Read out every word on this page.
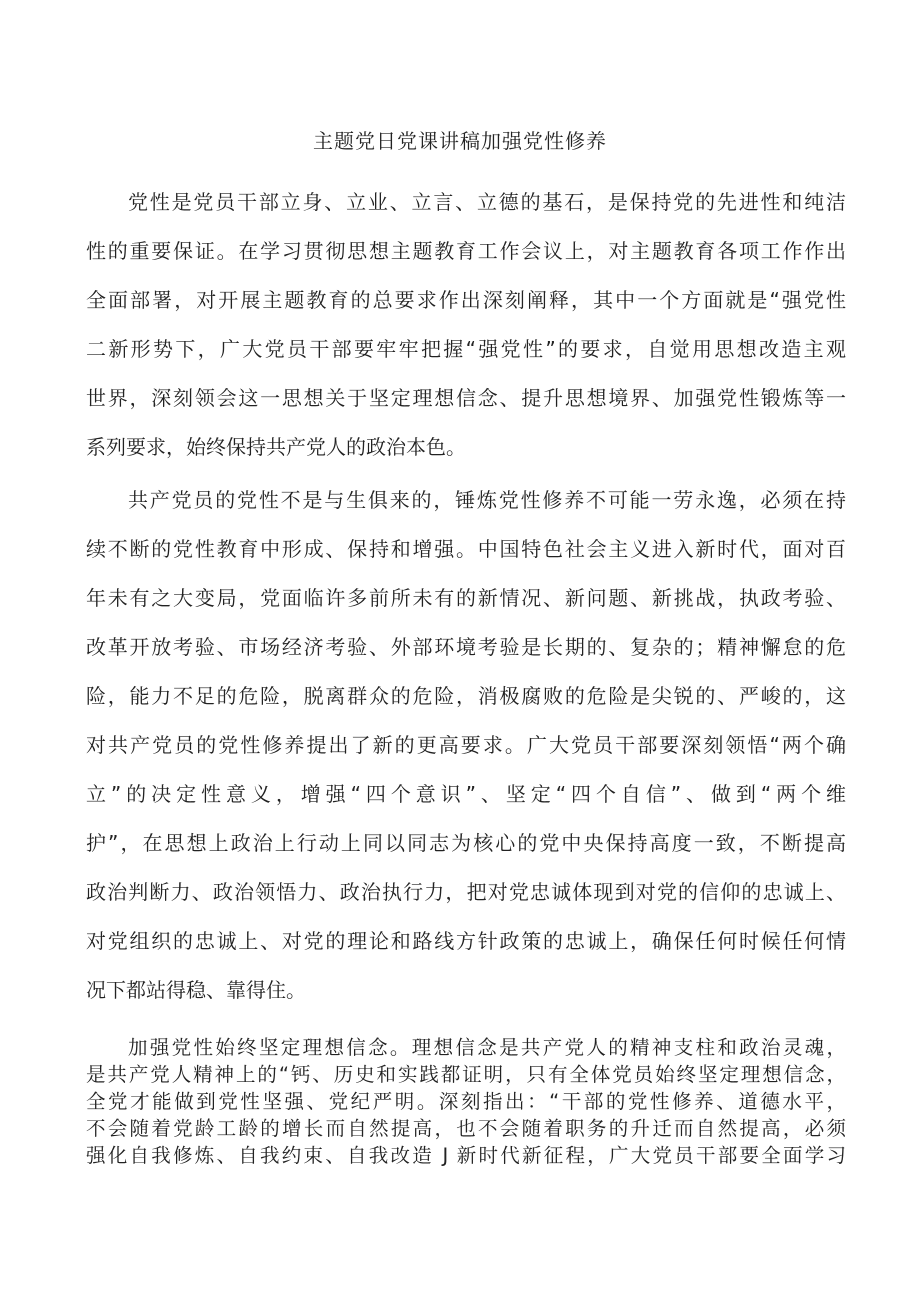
主题党日党课讲稿加强党性修养
党性是党员干部立身、立业、立言、立德的基石，是保持党的先进性和纯洁
性的重要保证。在学习贯彻思想主题教育工作会议上，对主题教育各项工作作出
全面部署，对开展主题教育的总要求作出深刻阐释，其中一个方面就是“强党性
二新形势下，广大党员干部要牢牢把握“强党性”的要求，自觉用思想改造主观
世界，深刻领会这一思想关于坚定理想信念、提升思想境界、加强党性锻炼等一
系列要求，始终保持共产党人的政治本色。
共产党员的党性不是与生俱来的，锤炼党性修养不可能一劳永逸，必须在持
续不断的党性教育中形成、保持和增强。中国特色社会主义进入新时代，面对百
年未有之大变局，党面临许多前所未有的新情况、新问题、新挑战，执政考验、
改革开放考验、市场经济考验、外部环境考验是长期的、复杂的；精神懈怠的危
险，能力不足的危险，脱离群众的危险，消极腐败的危险是尖锐的、严峻的，这
对共产党员的党性修养提出了新的更高要求。广大党员干部要深刻领悟“两个确
立”的决定性意义，增强“四个意识”、坚定“四个自信”、做到“两个维
护”，在思想上政治上行动上同以同志为核心的党中央保持高度一致，不断提高
政治判断力、政治领悟力、政治执行力，把对党忠诚体现到对党的信仰的忠诚上、
对党组织的忠诚上、对党的理论和路线方针政策的忠诚上，确保任何时候任何情
况下都站得稳、靠得住。
加强党性始终坚定理想信念。理想信念是共产党人的精神支柱和政治灵魂，
是共产党人精神上的“钙、历史和实践都证明，只有全体党员始终坚定理想信念，
全党才能做到党性坚强、党纪严明。深刻指出：“干部的党性修养、道德水平，
不会随着党龄工龄的增长而自然提高，也不会随着职务的升迁而自然提高，必须
强化自我修炼、自我约束、自我改造 J 新时代新征程，广大党员干部要全面学习
